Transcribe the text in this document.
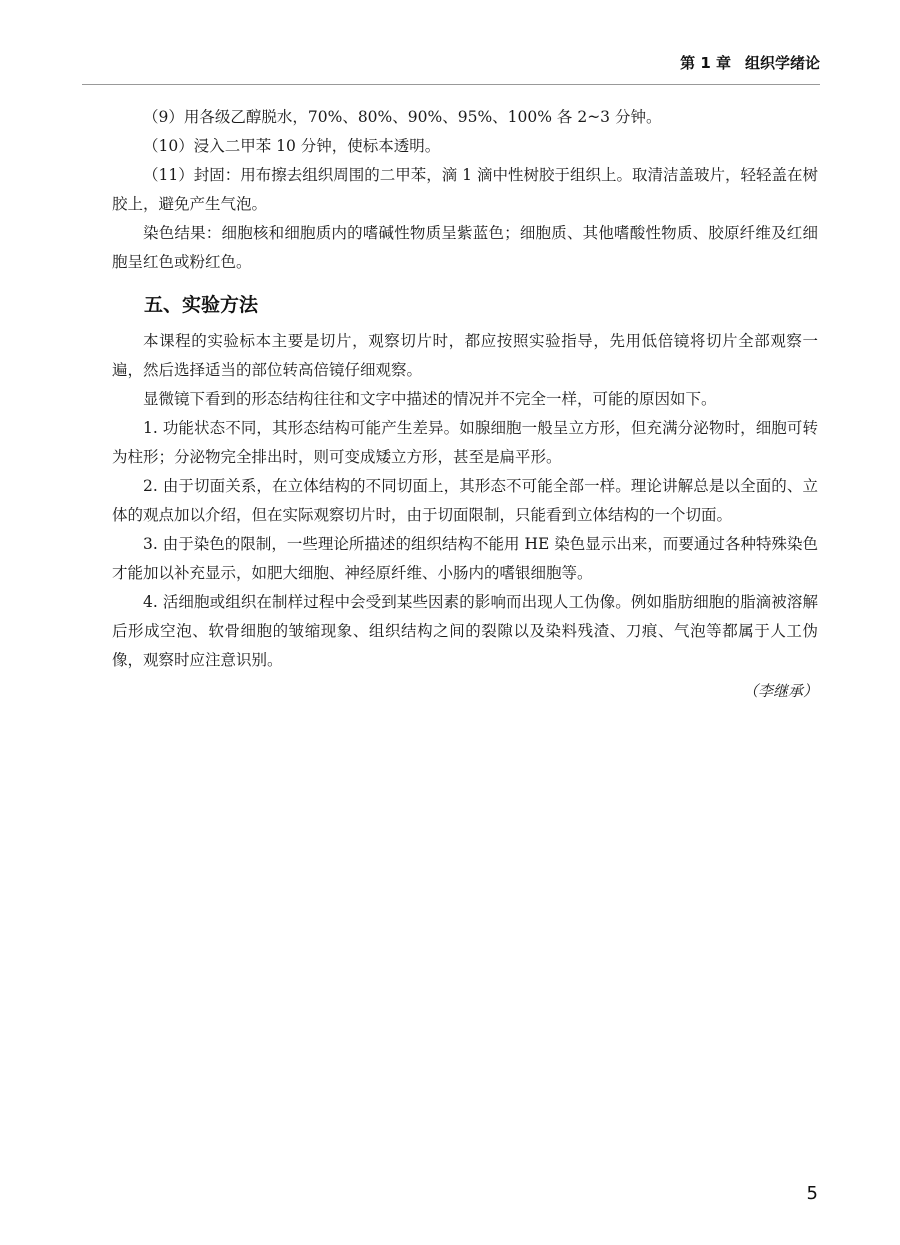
第 1 章 组织学绪论

（9）用各级乙醇脱水，70%、80%、90%、95%、100% 各 2~3 分钟。

（10）浸入二甲苯 10 分钟，使标本透明。

（11）封固：用布擦去组织周围的二甲苯，滴 1 滴中性树胶于组织上。取清洁盖玻片，轻轻盖在树胶上，避免产生气泡。

染色结果：细胞核和细胞质内的嗜碱性物质呈紫蓝色；细胞质、其他嗜酸性物质、胶原纤维及红细胞呈红色或粉红色。

五、实验方法

本课程的实验标本主要是切片，观察切片时，都应按照实验指导，先用低倍镜将切片全部观察一遍，然后选择适当的部位转高倍镜仔细观察。

显微镜下看到的形态结构往往和文字中描述的情况并不完全一样，可能的原因如下。

1. 功能状态不同，其形态结构可能产生差异。如腺细胞一般呈立方形，但充满分泌物时，细胞可转为柱形；分泌物完全排出时，则可变成矮立方形，甚至是扁平形。

2. 由于切面关系，在立体结构的不同切面上，其形态不可能全部一样。理论讲解总是以全面的、立体的观点加以介绍，但在实际观察切片时，由于切面限制，只能看到立体结构的一个切面。

3. 由于染色的限制，一些理论所描述的组织结构不能用 HE 染色显示出来，而要通过各种特殊染色才能加以补充显示，如肥大细胞、神经原纤维、小肠内的嗜银细胞等。

4. 活细胞或组织在制样过程中会受到某些因素的影响而出现人工伪像。例如脂肪细胞的脂滴被溶解后形成空泡、软骨细胞的皱缩现象、组织结构之间的裂隙以及染料残渣、刀痕、气泡等都属于人工伪像，观察时应注意识别。

（李继承）
5
